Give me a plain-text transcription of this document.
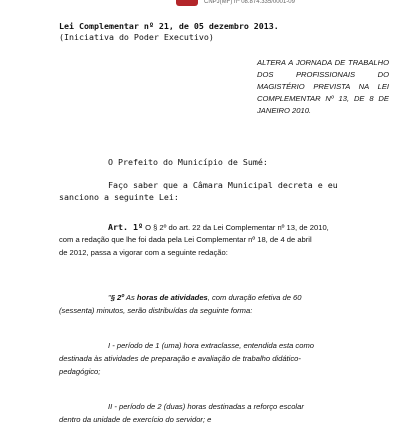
CNPJ(MF) nº 08.874.335/0001-09
Lei Complementar nº 21, de 05 dezembro 2013.
(Iniciativa do Poder Executivo)
ALTERA A JORNADA DE TRABALHO DOS PROFISSIONAIS DO MAGISTÉRIO PREVISTA NA LEI COMPLEMENTAR Nº 13, DE 8 DE JANEIRO 2010.
O Prefeito do Município de Sumé:
Faço saber que a Câmara Municipal decreta e eu
sanciono a seguinte Lei:
Art. 1º O § 2º do art. 22 da Lei Complementar nº 13, de 2010,
com a redação que lhe foi dada pela Lei Complementar nº 18, de 4 de abril
de 2012, passa a vigorar com a seguinte redação:
"§ 2º As horas de atividades, com duração efetiva de 60
(sessenta) minutos, serão distribuídas da seguinte forma:
I - período de 1 (uma) hora extraclasse, entendida esta como
destinada às atividades de preparação e avaliação de trabalho didático-
pedagógico;
II - período de 2 (duas) horas destinadas a reforço escolar
dentro da unidade de exercício do servidor; e
